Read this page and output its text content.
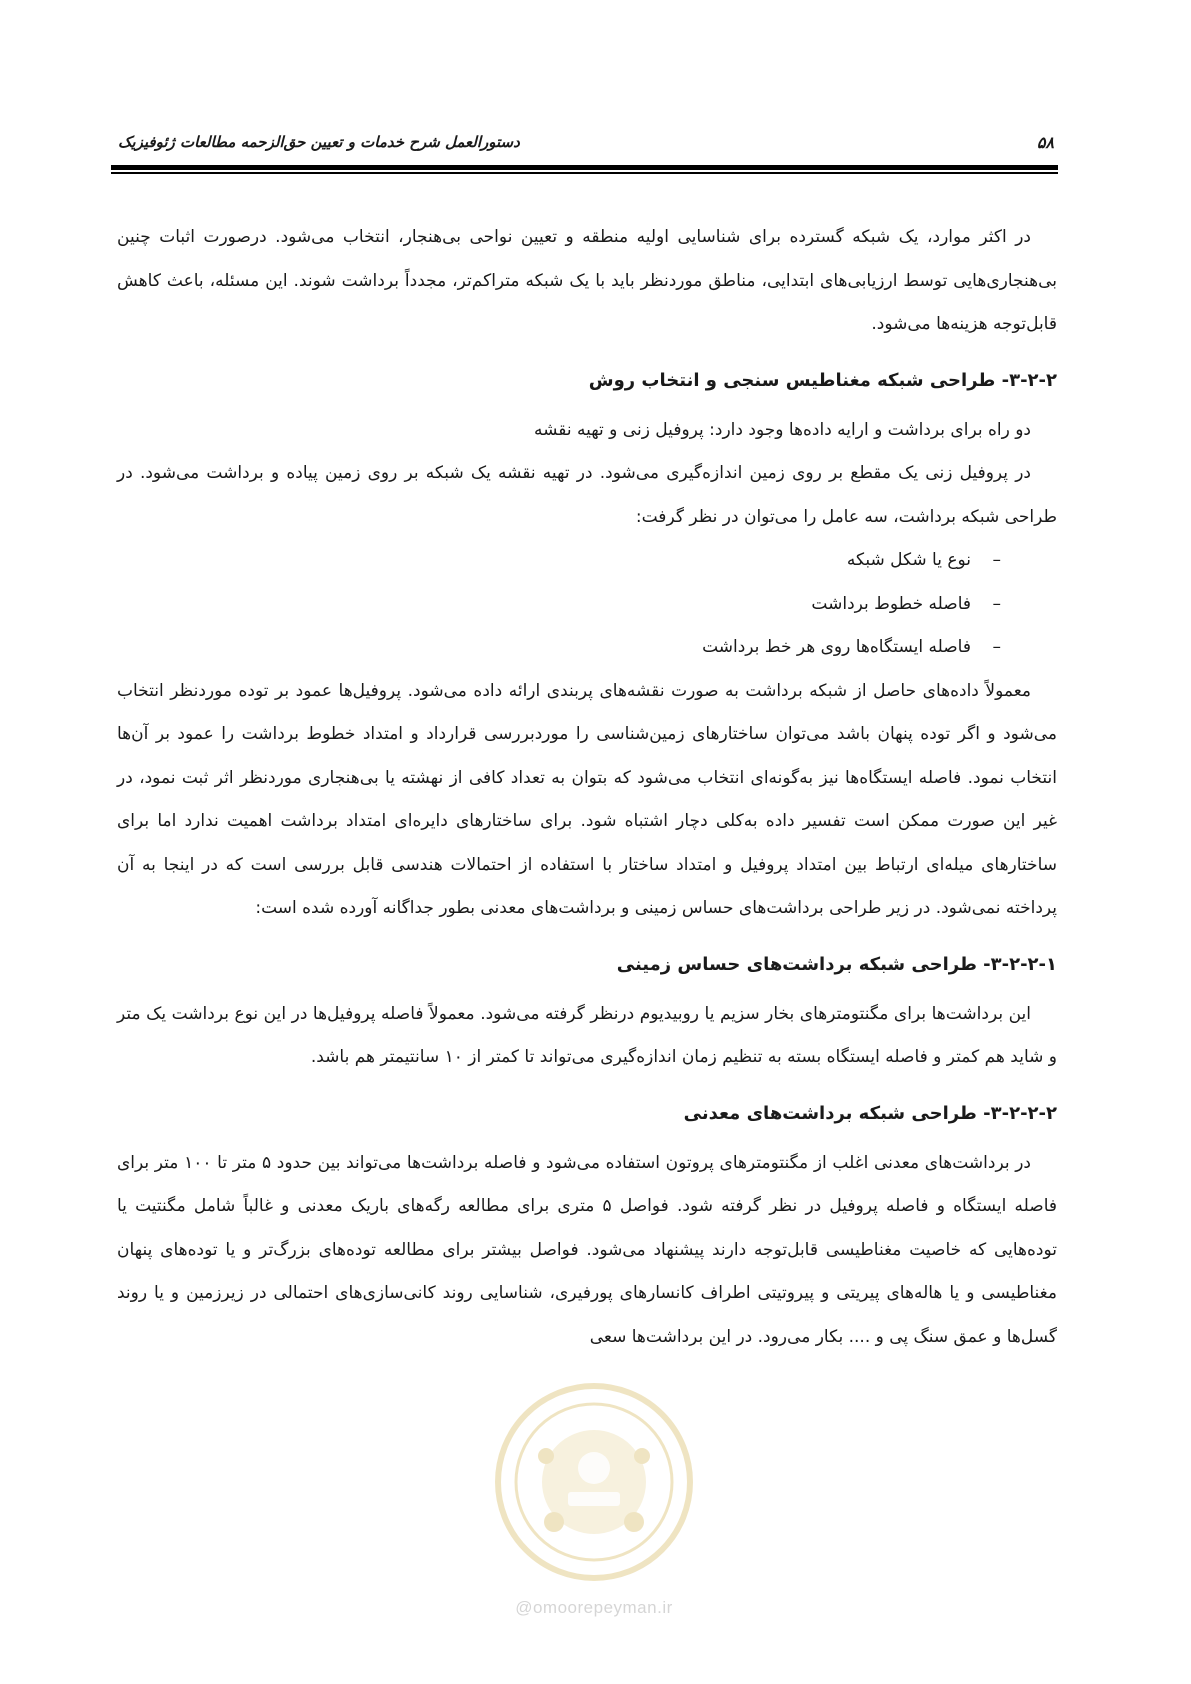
۵۸
دستورالعمل شرح خدمات و تعیین حق‌الزحمه مطالعات ژئوفیزیک

در اکثر موارد، یک شبکه گسترده برای شناسایی اولیه منطقه و تعیین نواحی بی‌هنجار، انتخاب می‌شود. درصورت اثبات چنین بی‌هنجاری‌هایی توسط ارزیابی‌های ابتدایی، مناطق موردنظر باید با یک شبکه متراکم‌تر، مجدداً برداشت شوند. این مسئله، باعث کاهش قابل‌توجه هزینه‌ها می‌شود.

۳-۲-۲- طراحی شبکه مغناطیس سنجی و انتخاب روش

دو راه برای برداشت و ارایه داده‌ها وجود دارد: پروفیل زنی و تهیه نقشه

در پروفیل زنی یک مقطع بر روی زمین اندازه‌گیری می‌شود. در تهیه نقشه یک شبکه بر روی زمین پیاده و برداشت می‌شود. در طراحی شبکه برداشت، سه عامل را می‌توان در نظر گرفت:

– نوع یا شکل شبکه
– فاصله خطوط برداشت
– فاصله ایستگاه‌ها روی هر خط برداشت

معمولاً داده‌های حاصل از شبکه برداشت به صورت نقشه‌های پربندی ارائه داده می‌شود. پروفیل‌ها عمود بر توده موردنظر انتخاب می‌شود و اگر توده پنهان باشد می‌توان ساختارهای زمین‌شناسی را موردبررسی قرارداد و امتداد خطوط برداشت را عمود بر آن‌ها انتخاب نمود. فاصله ایستگاه‌ها نیز به‌گونه‌ای انتخاب می‌شود که بتوان به تعداد کافی از نهشته یا بی‌هنجاری موردنظر اثر ثبت نمود، در غیر این صورت ممکن است تفسیر داده به‌کلی دچار اشتباه شود. برای ساختارهای دایره‌ای امتداد برداشت اهمیت ندارد اما برای ساختارهای میله‌ای ارتباط بین امتداد پروفیل و امتداد ساختار با استفاده از احتمالات هندسی قابل بررسی است که در اینجا به آن پرداخته نمی‌شود. در زیر طراحی برداشت‌های حساس زمینی و برداشت‌های معدنی بطور جداگانه آورده شده است:

۳-۲-۲-۱- طراحی شبکه برداشت‌های حساس زمینی

این برداشت‌ها برای مگنتومترهای بخار سزیم یا روبیدیوم درنظر گرفته می‌شود. معمولاً فاصله پروفیل‌ها در این نوع برداشت یک متر و شاید هم کمتر و فاصله ایستگاه بسته به تنظیم زمان اندازه‌گیری می‌تواند تا کمتر از ۱۰ سانتیمتر هم باشد.

۳-۲-۲-۲- طراحی شبکه برداشت‌های معدنی

در برداشت‌های معدنی اغلب از مگنتومترهای پروتون استفاده می‌شود و فاصله برداشت‌ها می‌تواند بین حدود ۵ متر تا ۱۰۰ متر برای فاصله ایستگاه و فاصله پروفیل در نظر گرفته شود. فواصل ۵ متری برای مطالعه رگه‌های باریک معدنی و غالباً شامل مگنتیت یا توده‌هایی که خاصیت مغناطیسی قابل‌توجه دارند پیشنهاد می‌شود. فواصل بیشتر برای مطالعه توده‌های بزرگ‌تر و یا توده‌های پنهان مغناطیسی و یا هاله‌های پیریتی و پیروتیتی اطراف کانسارهای پورفیری، شناسایی روند کانی‌سازی‌های احتمالی در زیرزمین و یا روند گسل‌ها و عمق سنگ پی و .... بکار می‌رود. در این برداشت‌ها سعی

@omoorepeyman.ir
